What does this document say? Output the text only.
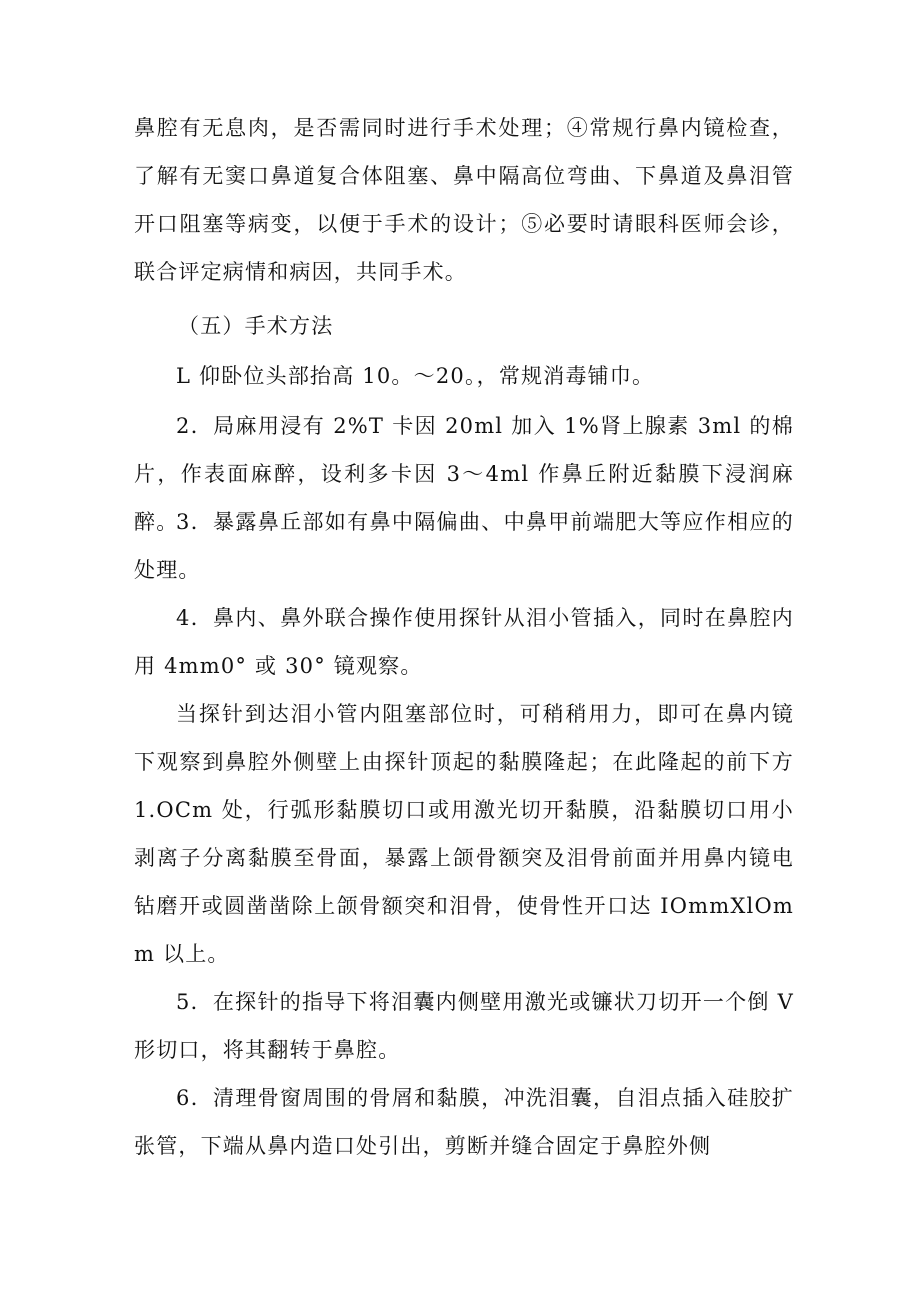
鼻腔有无息肉，是否需同时进行手术处理；④常规行鼻内镜检查，了解有无窦口鼻道复合体阻塞、鼻中隔高位弯曲、下鼻道及鼻泪管开口阻塞等病变，以便于手术的设计；⑤必要时请眼科医师会诊，联合评定病情和病因，共同手术。

（五）手术方法

L 仰卧位头部抬高 10。～20。，常规消毒铺巾。

2．局麻用浸有 2%T 卡因 20ml 加入 1%肾上腺素 3ml 的棉片，作表面麻醉，设利多卡因 3～4ml 作鼻丘附近黏膜下浸润麻醉。

3．暴露鼻丘部如有鼻中隔偏曲、中鼻甲前端肥大等应作相应的处理。

4．鼻内、鼻外联合操作使用探针从泪小管插入，同时在鼻腔内用 4mm0° 或 30° 镜观察。

当探针到达泪小管内阻塞部位时，可稍稍用力，即可在鼻内镜下观察到鼻腔外侧壁上由探针顶起的黏膜隆起；在此隆起的前下方 1.OCm 处，行弧形黏膜切口或用激光切开黏膜，沿黏膜切口用小剥离子分离黏膜至骨面，暴露上颌骨额突及泪骨前面并用鼻内镜电钻磨开或圆凿凿除上颌骨额突和泪骨，使骨性开口达 IOmmXlOmm 以上。

5．在探针的指导下将泪囊内侧壁用激光或镰状刀切开一个倒 V 形切口，将其翻转于鼻腔。

6．清理骨窗周围的骨屑和黏膜，冲洗泪囊，自泪点插入硅胶扩张管，下端从鼻内造口处引出，剪断并缝合固定于鼻腔外侧
